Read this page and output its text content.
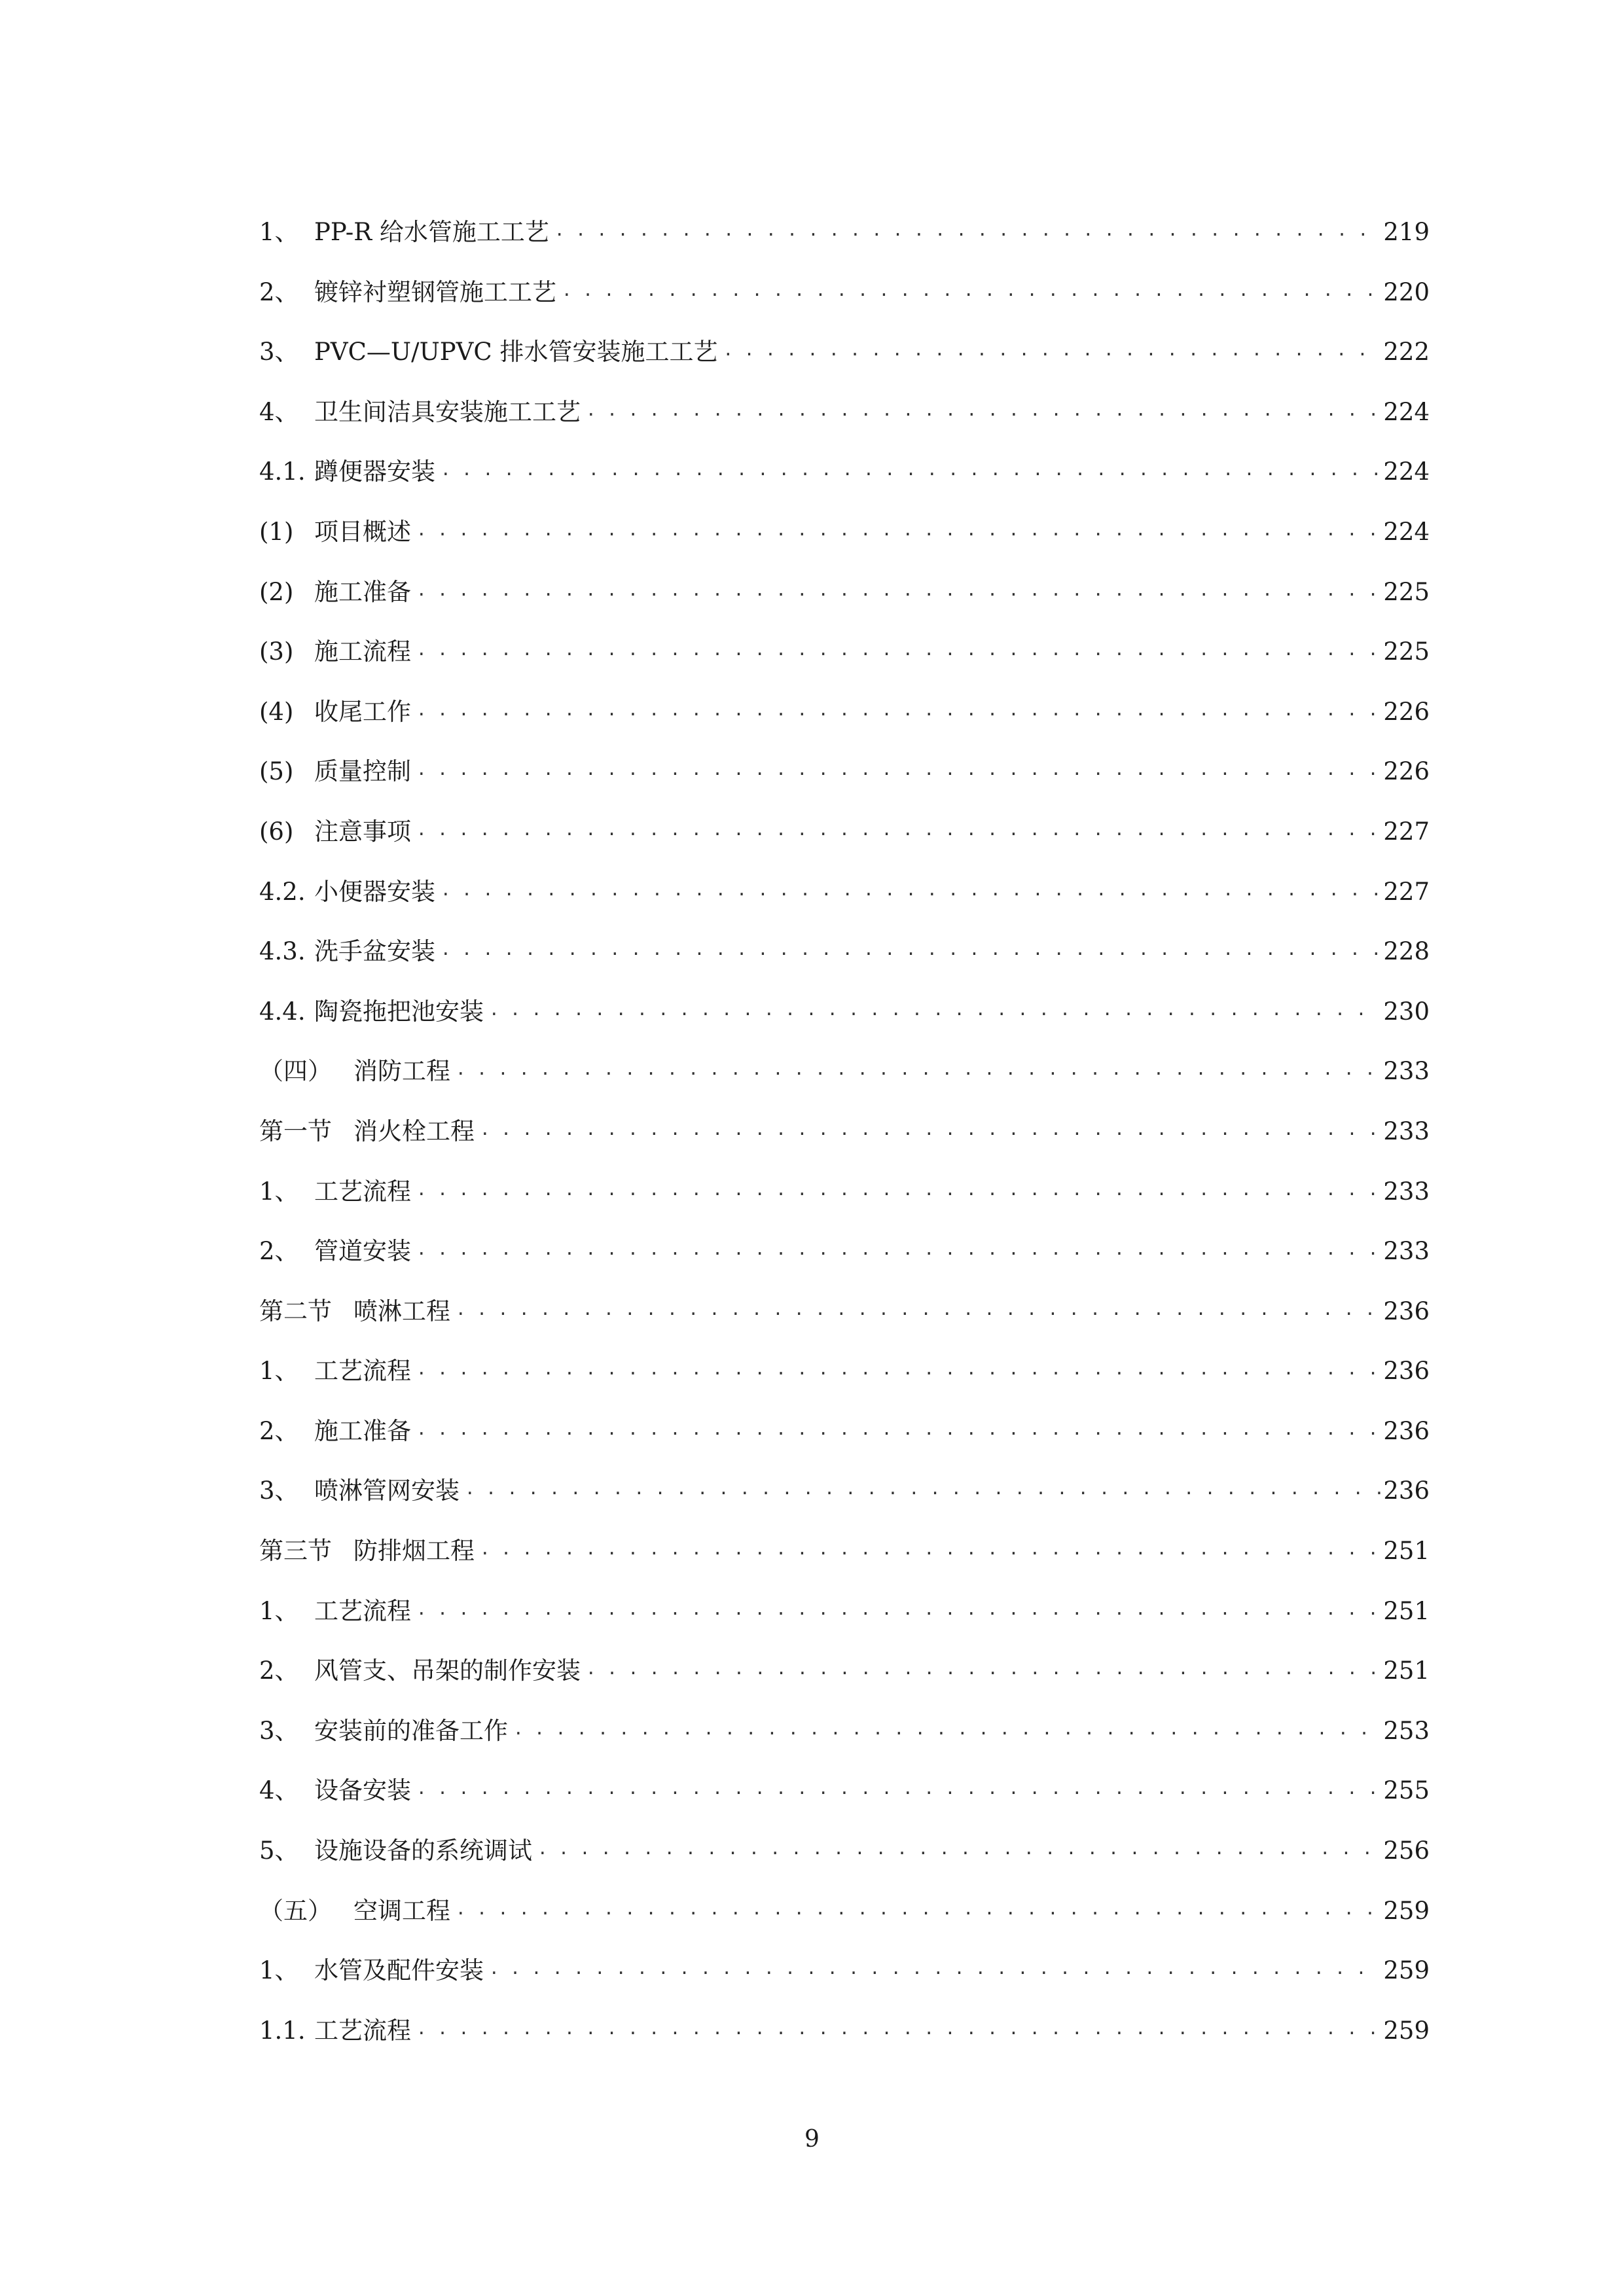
1、 PP-R 给水管施工工艺 . . .	219
2、 镀锌衬塑钢管施工工艺 . . .	220
3、 PVC—U/UPVC 排水管安装施工工艺 . . .	222
4、 卫生间洁具安装施工工艺 . . .	224
4.1. 蹲便器安装 . . .	224
(1) 项目概述 . . .	224
(2) 施工准备 . . .	225
(3) 施工流程 . . .	225
(4) 收尾工作 . . .	226
(5) 质量控制 . . .	226
(6) 注意事项 . . .	227
4.2. 小便器安装 . . .	227
4.3. 洗手盆安装 . . .	228
4.4. 陶瓷拖把池安装 . . .	230
（四） 消防工程 . . .	233
第一节 消火栓工程 . . .	233
1、 工艺流程 . . .	233
2、 管道安装 . . .	233
第二节 喷淋工程 . . .	236
1、 工艺流程 . . .	236
2、 施工准备 . . .	236
3、 喷淋管网安装 . . .	236
第三节 防排烟工程 . . .	251
1、 工艺流程 . . .	251
2、 风管支、吊架的制作安装 . . .	251
3、 安装前的准备工作 . . .	253
4、 设备安装 . . .	255
5、 设施设备的系统调试 . . .	256
（五） 空调工程 . . .	259
1、 水管及配件安装 . . .	259
1.1. 工艺流程 . . .	259
9
